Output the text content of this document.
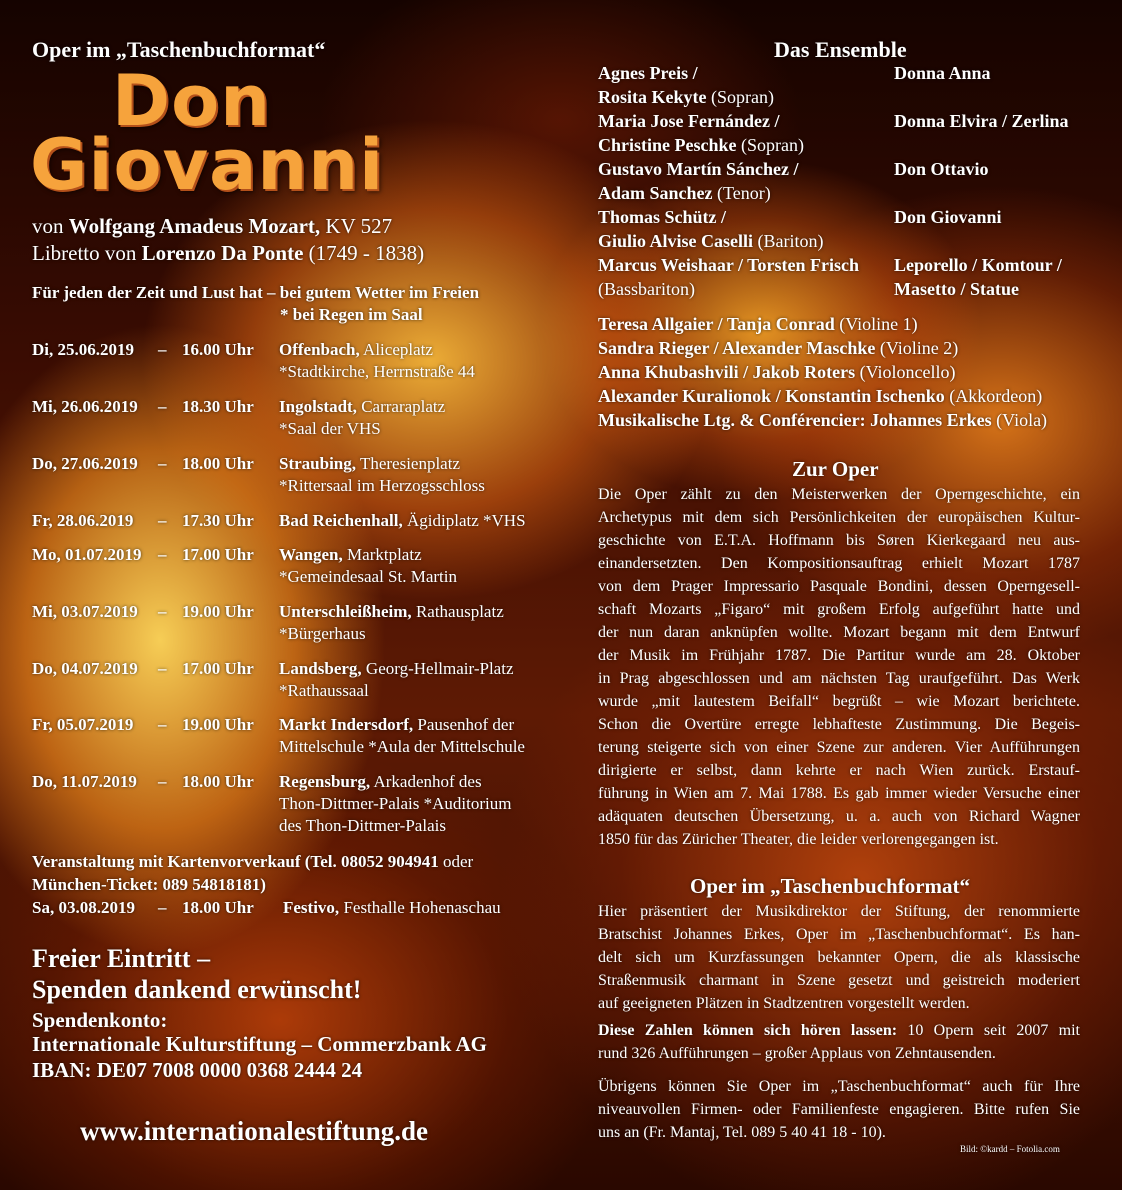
Oper im „Taschenbuchformat“
Don
Giovanni
von Wolfgang Amadeus Mozart, KV 527
Libretto von Lorenzo Da Ponte (1749 - 1838)
Für jeden der Zeit und Lust hat – bei gutem Wetter im Freien
* bei Regen im Saal
Di, 25.06.2019 – 16.00 Uhr Offenbach, Aliceplatz
*Stadtkirche, Herrnstraße 44
Mi, 26.06.2019 – 18.30 Uhr Ingolstadt, Carraraplatz
*Saal der VHS
Do, 27.06.2019 – 18.00 Uhr Straubing, Theresienplatz
*Rittersaal im Herzogsschloss
Fr, 28.06.2019 – 17.30 Uhr Bad Reichenhall, Ägidiplatz *VHS
Mo, 01.07.2019 – 17.00 Uhr Wangen, Marktplatz
*Gemeindesaal St. Martin
Mi, 03.07.2019 – 19.00 Uhr Unterschleißheim, Rathausplatz
*Bürgerhaus
Do, 04.07.2019 – 17.00 Uhr Landsberg, Georg-Hellmair-Platz
*Rathaussaal
Fr, 05.07.2019 – 19.00 Uhr Markt Indersdorf, Pausenhof der
Mittelschule *Aula der Mittelschule
Do, 11.07.2019 – 18.00 Uhr Regensburg, Arkadenhof des
Thon-Dittmer-Palais *Auditorium
des Thon-Dittmer-Palais
Veranstaltung mit Kartenvorverkauf (Tel. 08052 904941 oder
München-Ticket: 089 54818181)
Sa, 03.08.2019 – 18.00 Uhr Festivo, Festhalle Hohenaschau
Freier Eintritt –
Spenden dankend erwünscht!
Spendenkonto:
Internationale Kulturstiftung – Commerzbank AG
IBAN: DE07 7008 0000 0368 2444 24
www.internationalestiftung.de
Das Ensemble
Agnes Preis /
Rosita Kekyte (Sopran)
Donna Anna
Maria Jose Fernández /
Christine Peschke (Sopran)
Donna Elvira / Zerlina
Gustavo Martín Sánchez /
Adam Sanchez (Tenor)
Don Ottavio
Thomas Schütz /
Giulio Alvise Caselli (Bariton)
Don Giovanni
Marcus Weishaar / Torsten Frisch
(Bassbariton)
Leporello / Komtour /
Masetto / Statue
Teresa Allgaier / Tanja Conrad (Violine 1)
Sandra Rieger / Alexander Maschke (Violine 2)
Anna Khubashvili / Jakob Roters (Violoncello)
Alexander Kuralionok / Konstantin Ischenko (Akkordeon)
Musikalische Ltg. & Conférencier: Johannes Erkes (Viola)
Zur Oper
Die Oper zählt zu den Meisterwerken der Operngeschichte, ein
Archetypus mit dem sich Persönlichkeiten der europäischen Kultur-
geschichte von E.T.A. Hoffmann bis Søren Kierkegaard neu aus-
einandersetzten. Den Kompositionsauftrag erhielt Mozart 1787
von dem Prager Impressario Pasquale Bondini, dessen Operngesell-
schaft Mozarts „Figaro“ mit großem Erfolg aufgeführt hatte und
der nun daran anknüpfen wollte. Mozart begann mit dem Entwurf
der Musik im Frühjahr 1787. Die Partitur wurde am 28. Oktober
in Prag abgeschlossen und am nächsten Tag uraufgeführt. Das Werk
wurde „mit lautestem Beifall“ begrüßt – wie Mozart berichtete.
Schon die Overtüre erregte lebhafteste Zustimmung. Die Begeis-
terung steigerte sich von einer Szene zur anderen. Vier Aufführungen
dirigierte er selbst, dann kehrte er nach Wien zurück. Erstauf-
führung in Wien am 7. Mai 1788. Es gab immer wieder Versuche einer
adäquaten deutschen Übersetzung, u. a. auch von Richard Wagner
1850 für das Züricher Theater, die leider verlorengegangen ist.
Oper im „Taschenbuchformat“
Hier präsentiert der Musikdirektor der Stiftung, der renommierte
Bratschist Johannes Erkes, Oper im „Taschenbuchformat“. Es han-
delt sich um Kurzfassungen bekannter Opern, die als klassische
Straßenmusik charmant in Szene gesetzt und geistreich moderiert
auf geeigneten Plätzen in Stadtzentren vorgestellt werden.
Diese Zahlen können sich hören lassen: 10 Opern seit 2007 mit
rund 326 Aufführungen – großer Applaus von Zehntausenden.
Übrigens können Sie Oper im „Taschenbuchformat“ auch für Ihre
niveauvollen Firmen- oder Familienfeste engagieren. Bitte rufen Sie
uns an (Fr. Mantaj, Tel. 089 5 40 41 18 - 10).
Bild: ©kardd – Fotolia.com
